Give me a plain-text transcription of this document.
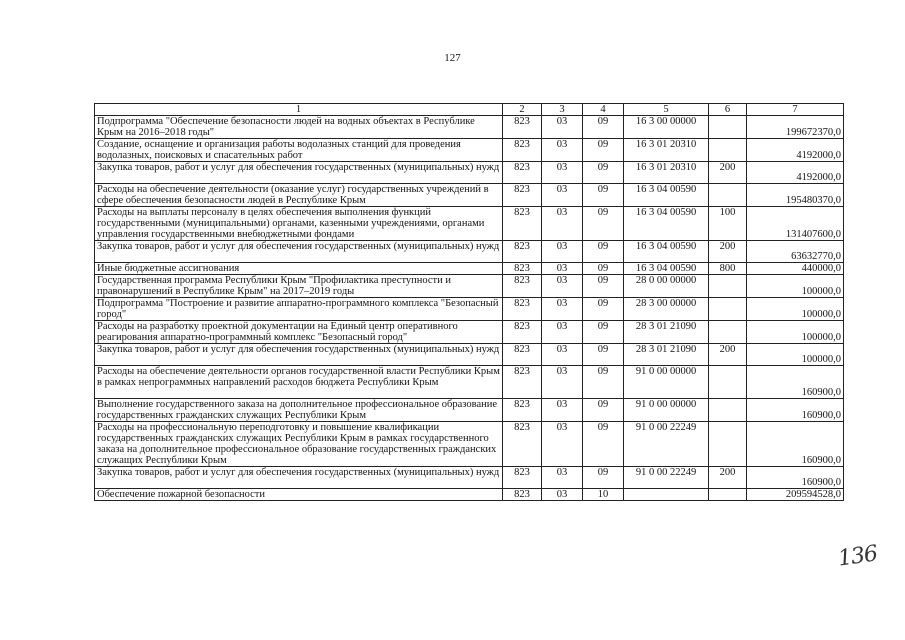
127
1	2	3	4	5	6	7
Подпрограмма "Обеспечение безопасности людей на водных объектах в Республике Крым на 2016–2018 годы"	823	03	09	16 3 00 00000		199672370,0
Создание, оснащение и организация работы водолазных станций для проведения водолазных, поисковых и спасательных работ	823	03	09	16 3 01 20310		4192000,0
Закупка товаров, работ и услуг для обеспечения государственных (муниципальных) нужд	823	03	09	16 3 01 20310	200	4192000,0
Расходы на обеспечение деятельности (оказание услуг) государственных учреждений в сфере обеспечения безопасности людей в Республике Крым	823	03	09	16 3 04 00590		195480370,0
Расходы на выплаты персоналу в целях обеспечения выполнения функций государственными (муниципальными) органами, казенными учреждениями, органами управления государственными внебюджетными фондами	823	03	09	16 3 04 00590	100	131407600,0
Закупка товаров, работ и услуг для обеспечения государственных (муниципальных) нужд	823	03	09	16 3 04 00590	200	63632770,0
Иные бюджетные ассигнования	823	03	09	16 3 04 00590	800	440000,0
Государственная программа Республики Крым "Профилактика преступности и правонарушений в Республике Крым" на 2017–2019 годы	823	03	09	28 0 00 00000		100000,0
Подпрограмма "Построение и развитие аппаратно-программного комплекса "Безопасный город"	823	03	09	28 3 00 00000		100000,0
Расходы на разработку проектной документации на Единый центр оперативного реагирования аппаратно-программный комплекс "Безопасный город"	823	03	09	28 3 01 21090		100000,0
Закупка товаров, работ и услуг для обеспечения государственных (муниципальных) нужд	823	03	09	28 3 01 21090	200	100000,0
Расходы на обеспечение деятельности органов государственной власти Республики Крым в рамках непрограммных направлений расходов бюджета Республики Крым	823	03	09	91 0 00 00000		160900,0
Выполнение государственного заказа на дополнительное профессиональное образование государственных гражданских служащих Республики Крым	823	03	09	91 0 00 00000		160900,0
Расходы на профессиональную переподготовку и повышение квалификации государственных гражданских служащих Республики Крым в рамках государственного заказа на дополнительное профессиональное образование государственных гражданских служащих Республики Крым	823	03	09	91 0 00 22249		160900,0
Закупка товаров, работ и услуг для обеспечения государственных (муниципальных) нужд	823	03	09	91 0 00 22249	200	160900,0
Обеспечение пожарной безопасности	823	03	10			209594528,0
136
